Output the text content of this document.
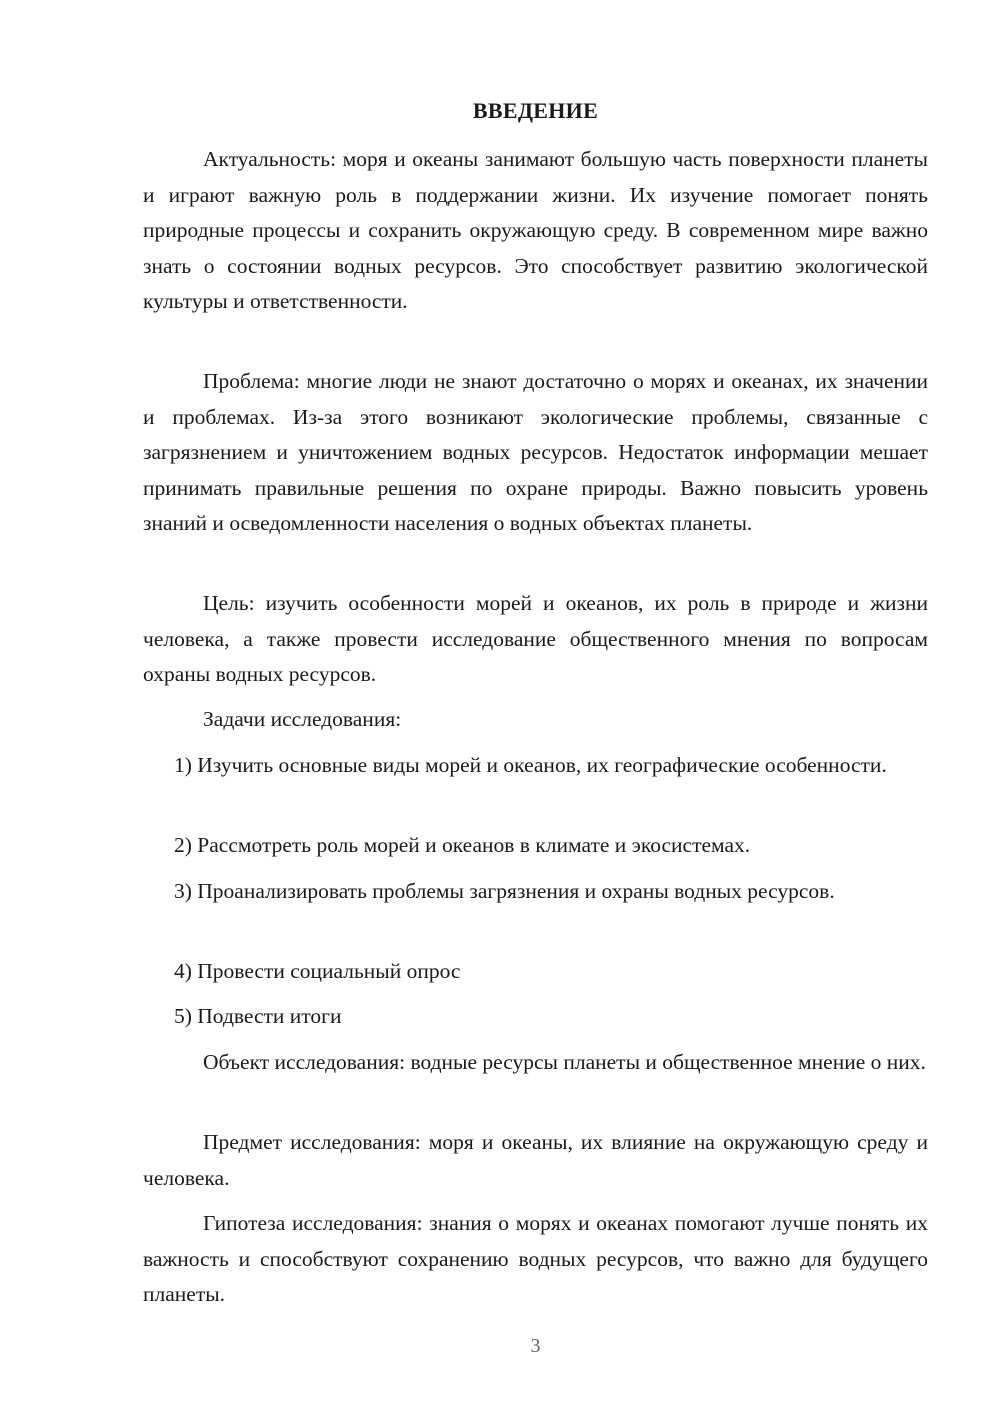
ВВЕДЕНИЕ

Актуальность: моря и океаны занимают большую часть поверхности планеты и играют важную роль в поддержании жизни. Их изучение помогает понять природные процессы и сохранить окружающую среду. В современном мире важно знать о состоянии водных ресурсов. Это способствует развитию экологической культуры и ответственности.

Проблема: многие люди не знают достаточно о морях и океанах, их значении и проблемах. Из-за этого возникают экологические проблемы, связанные с загрязнением и уничтожением водных ресурсов. Недостаток информации мешает принимать правильные решения по охране природы. Важно повысить уровень знаний и осведомленности населения о водных объектах планеты.

Цель: изучить особенности морей и океанов, их роль в природе и жизни человека, а также провести исследование общественного мнения по вопросам охраны водных ресурсов.

Задачи исследования:

1) Изучить основные виды морей и океанов, их географические особенности.

2) Рассмотреть роль морей и океанов в климате и экосистемах.

3) Проанализировать проблемы загрязнения и охраны водных ресурсов.

4) Провести социальный опрос

5) Подвести итоги

Объект исследования: водные ресурсы планеты и общественное мнение о них.

Предмет исследования: моря и океаны, их влияние на окружающую среду и человека.

Гипотеза исследования: знания о морях и океанах помогают лучше понять их важность и способствуют сохранению водных ресурсов, что важно для будущего планеты.

3
